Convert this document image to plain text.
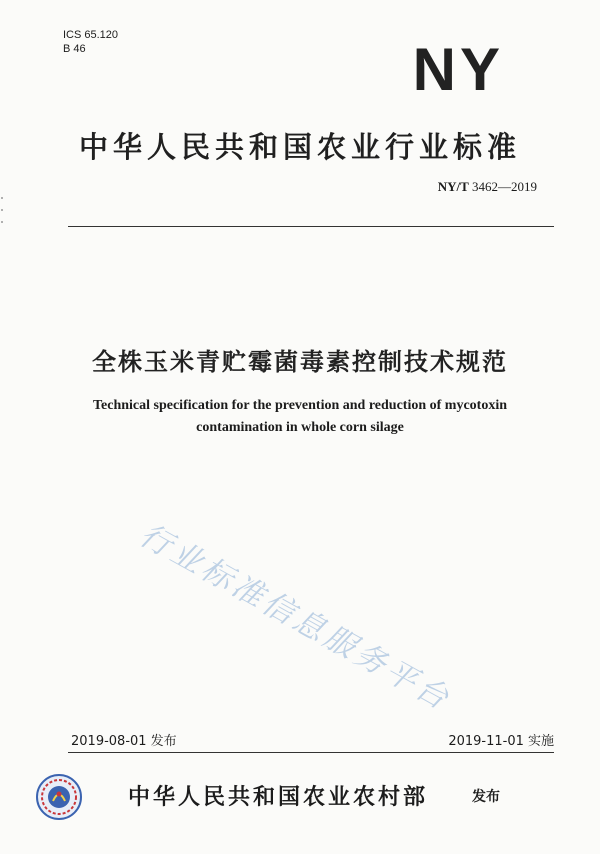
ICS 65.120
B 46	NY
中华人民共和国农业行业标准
NY/T 3462—2019
全株玉米青贮霉菌毒素控制技术规范
Technical specification for the prevention and reduction of mycotoxin
contamination in whole corn silage
行业标准信息服务平台
2019-08-01 发布	2019-11-01 实施
中华人民共和国农业农村部	发布
